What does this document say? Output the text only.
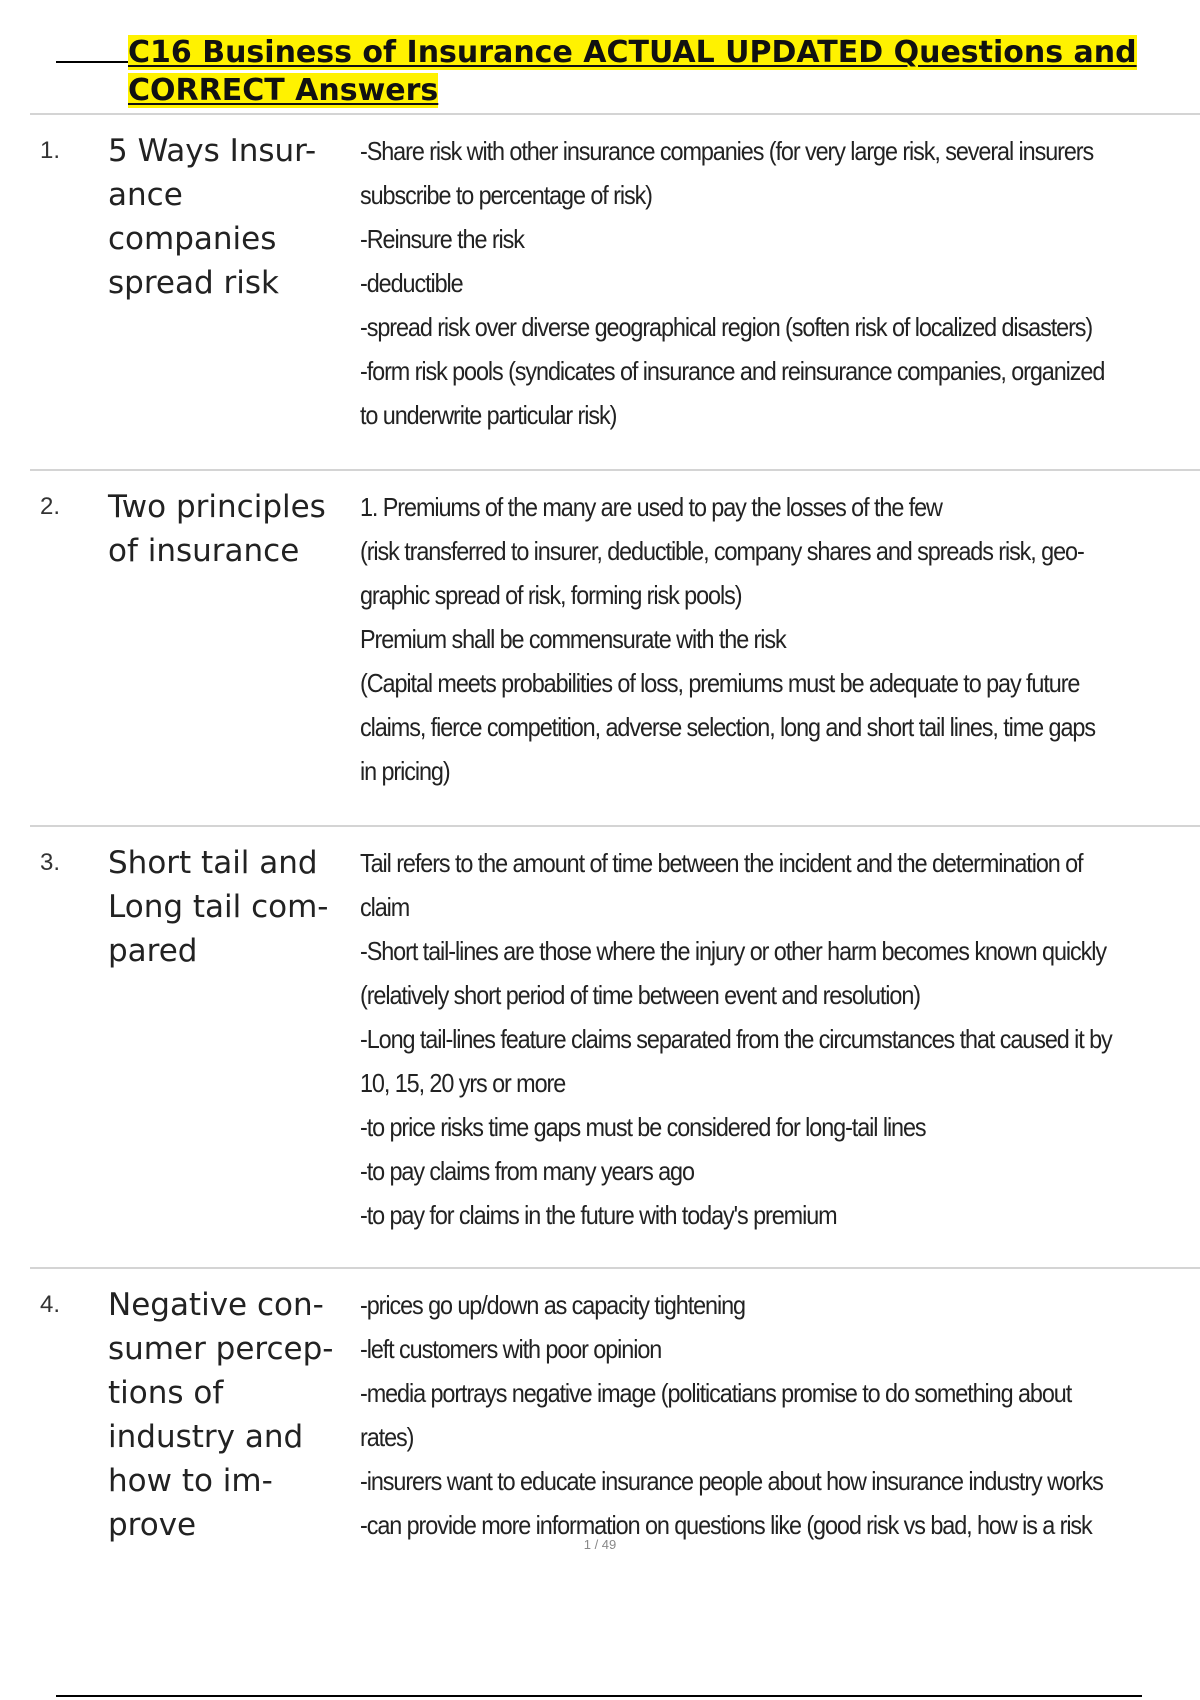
C16 Business of Insurance ACTUAL UPDATED Questions and CORRECT Answers
1.	5 Ways Insur- ance companies spread risk
-Share risk with other insurance companies (for very large risk, several insurers
subscribe to percentage of risk)
-Reinsure the risk
-deductible
-spread risk over diverse geographical region (soften risk of localized disasters)
-form risk pools (syndicates of insurance and reinsurance companies, organized
to underwrite particular risk)
2.	Two principles of insurance
1. Premiums of the many are used to pay the losses of the few
(risk transferred to insurer, deductible, company shares and spreads risk, geo-
graphic spread of risk, forming risk pools)
Premium shall be commensurate with the risk
(Capital meets probabilities of loss, premiums must be adequate to pay future
claims, fierce competition, adverse selection, long and short tail lines, time gaps
in pricing)
3.	Short tail and Long tail com- pared
Tail refers to the amount of time between the incident and the determination of
claim
-Short tail-lines are those where the injury or other harm becomes known quickly
(relatively short period of time between event and resolution)
-Long tail-lines feature claims separated from the circumstances that caused it by
10, 15, 20 yrs or more
-to price risks time gaps must be considered for long-tail lines
-to pay claims from many years ago
-to pay for claims in the future with today's premium
4.	Negative con- sumer percep- tions of industry and how to im- prove
-prices go up/down as capacity tightening
-left customers with poor opinion
-media portrays negative image (politicatians promise to do something about
rates)
-insurers want to educate insurance people about how insurance industry works
-can provide more information on questions like (good risk vs bad, how is a risk
1 / 49
